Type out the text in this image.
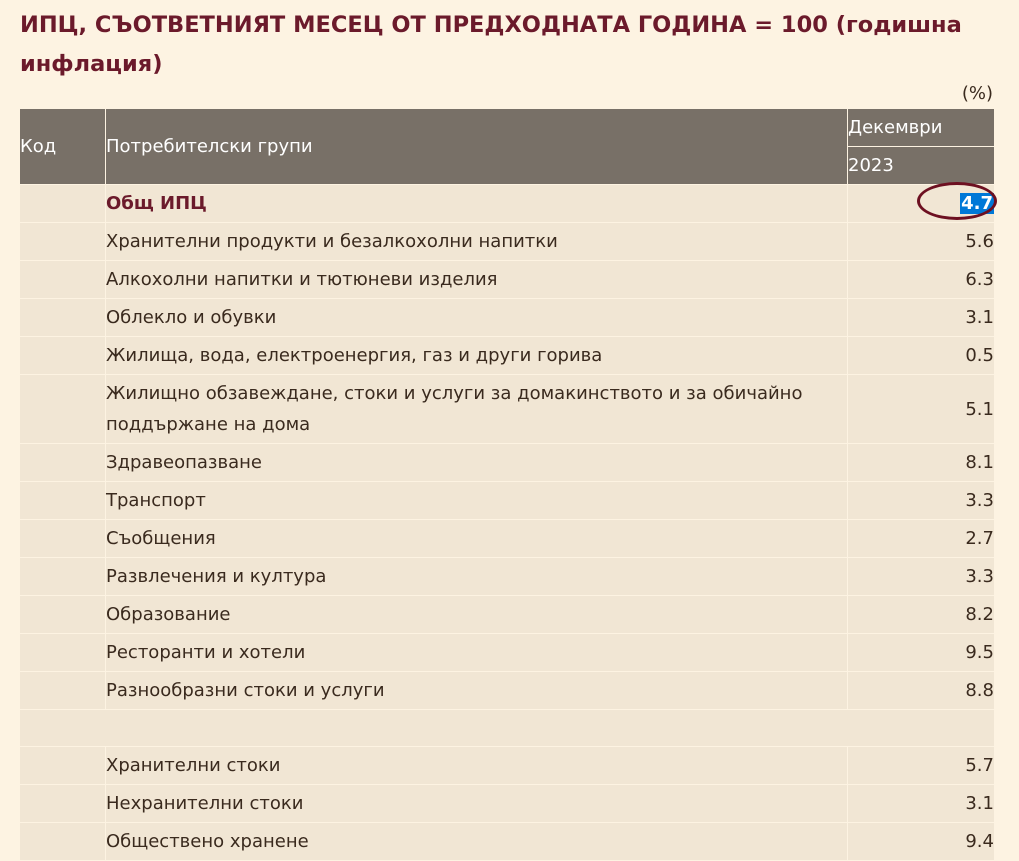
ИПЦ, СЪОТВЕТНИЯТ МЕСЕЦ ОТ ПРЕДХОДНАТА ГОДИНА = 100 (годишна инфлация)
(%)
Код	Потребителски групи	Декември
		2023
	Общ ИПЦ	4.7

	Хранителни продукти и безалкохолни напитки	5.6
	Алкохолни напитки и тютюневи изделия	6.3
	Облекло и обувки	3.1
	Жилища, вода, електроенергия, газ и други горива	0.5
	Жилищно обзавеждане, стоки и услуги за домакинството и за обичайно поддържане на дома	5.1
	Здравеопазване	8.1
	Транспорт	3.3
	Съобщения	2.7
	Развлечения и култура	3.3
	Образование	8.2
	Ресторанти и хотели	9.5
	Разнообразни стоки и услуги	8.8

	Хранителни стоки	5.7
	Нехранителни стоки	3.1
	Обществено хранене	9.4
